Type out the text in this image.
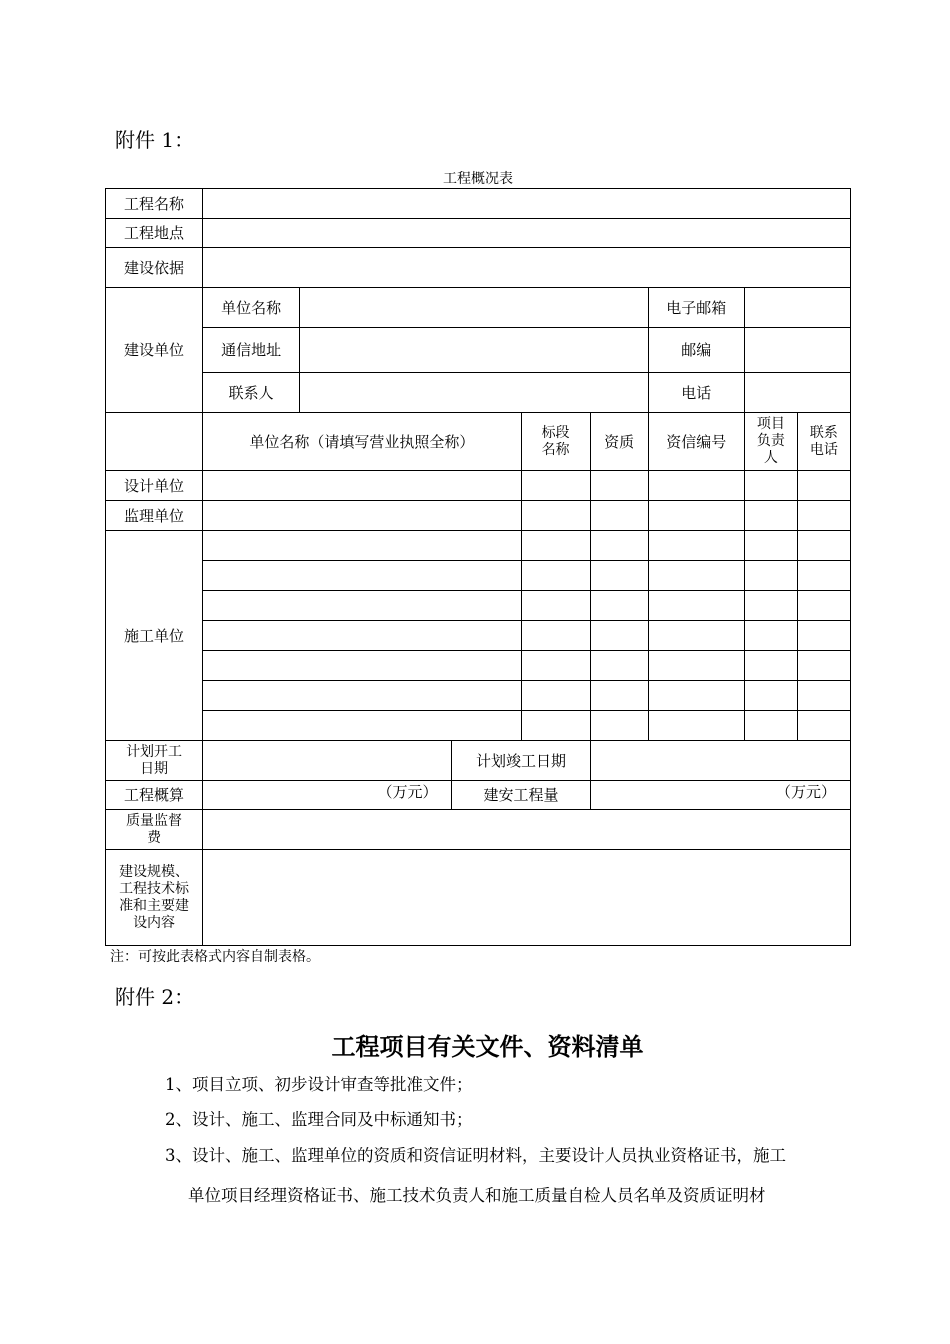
附件 1：
工程概况表
工程名称								
工程地点								
建设依据								
建设单位	单位名称					电子邮箱		
	通信地址					邮编		
	联系人					电话		
	单位名称（请填写营业执照全称）			标段名称	资质	资信编号	项目负责人	联系电话

设计单位								
监理单位								
施工单位								

计划开工日期			计划竣工日期					
工程概算	（万元）		建安工程量		（万元）			

质量监督费								

建设规模、工程技术标准和主要建设内容								

注：可按此表格式内容自制表格。
附件 2：
工程项目有关文件、资料清单
1、项目立项、初步设计审查等批准文件；
2、设计、施工、监理合同及中标通知书；
3、设计、施工、监理单位的资质和资信证明材料，主要设计人员执业资格证书，施工
单位项目经理资格证书、施工技术负责人和施工质量自检人员名单及资质证明材
